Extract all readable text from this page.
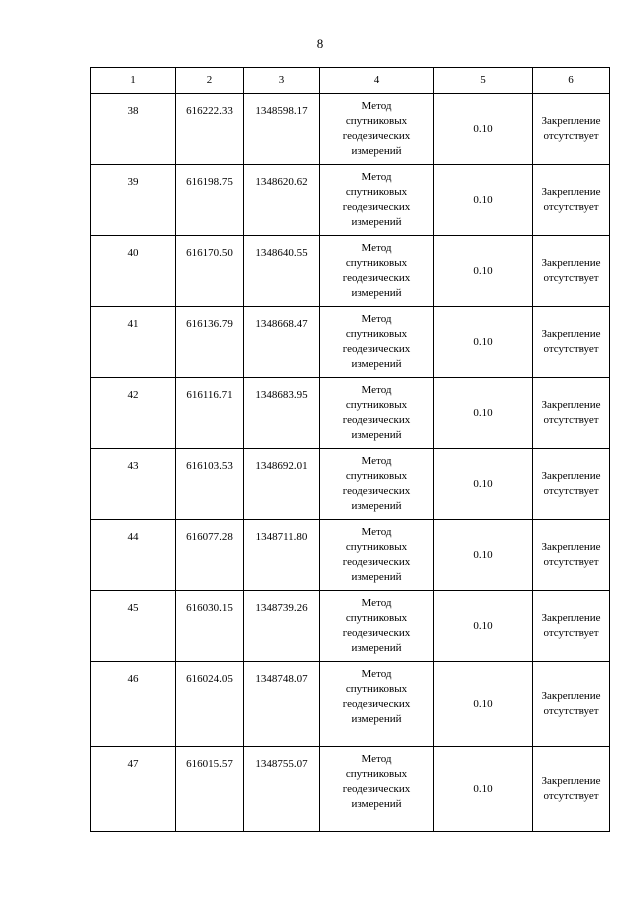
8
1	2	3	4	5	6
38	616222.33	1348598.17	Метод
спутниковых
геодезических
измерений	0.10	Закрепление
отсутствует

39	616198.75	1348620.62	Метод
спутниковых
геодезических
измерений	0.10	Закрепление
отсутствует

40	616170.50	1348640.55	Метод
спутниковых
геодезических
измерений	0.10	Закрепление
отсутствует

41	616136.79	1348668.47	Метод
спутниковых
геодезических
измерений	0.10	Закрепление
отсутствует

42	616116.71	1348683.95	Метод
спутниковых
геодезических
измерений	0.10	Закрепление
отсутствует

43	616103.53	1348692.01	Метод
спутниковых
геодезических
измерений	0.10	Закрепление
отсутствует

44	616077.28	1348711.80	Метод
спутниковых
геодезических
измерений	0.10	Закрепление
отсутствует

45	616030.15	1348739.26	Метод
спутниковых
геодезических
измерений	0.10	Закрепление
отсутствует

46	616024.05	1348748.07	Метод
спутниковых
геодезических
измерений	0.10	Закрепление
отсутствует

47	616015.57	1348755.07	Метод
спутниковых
геодезических
измерений	0.10	Закрепление
отсутствует
